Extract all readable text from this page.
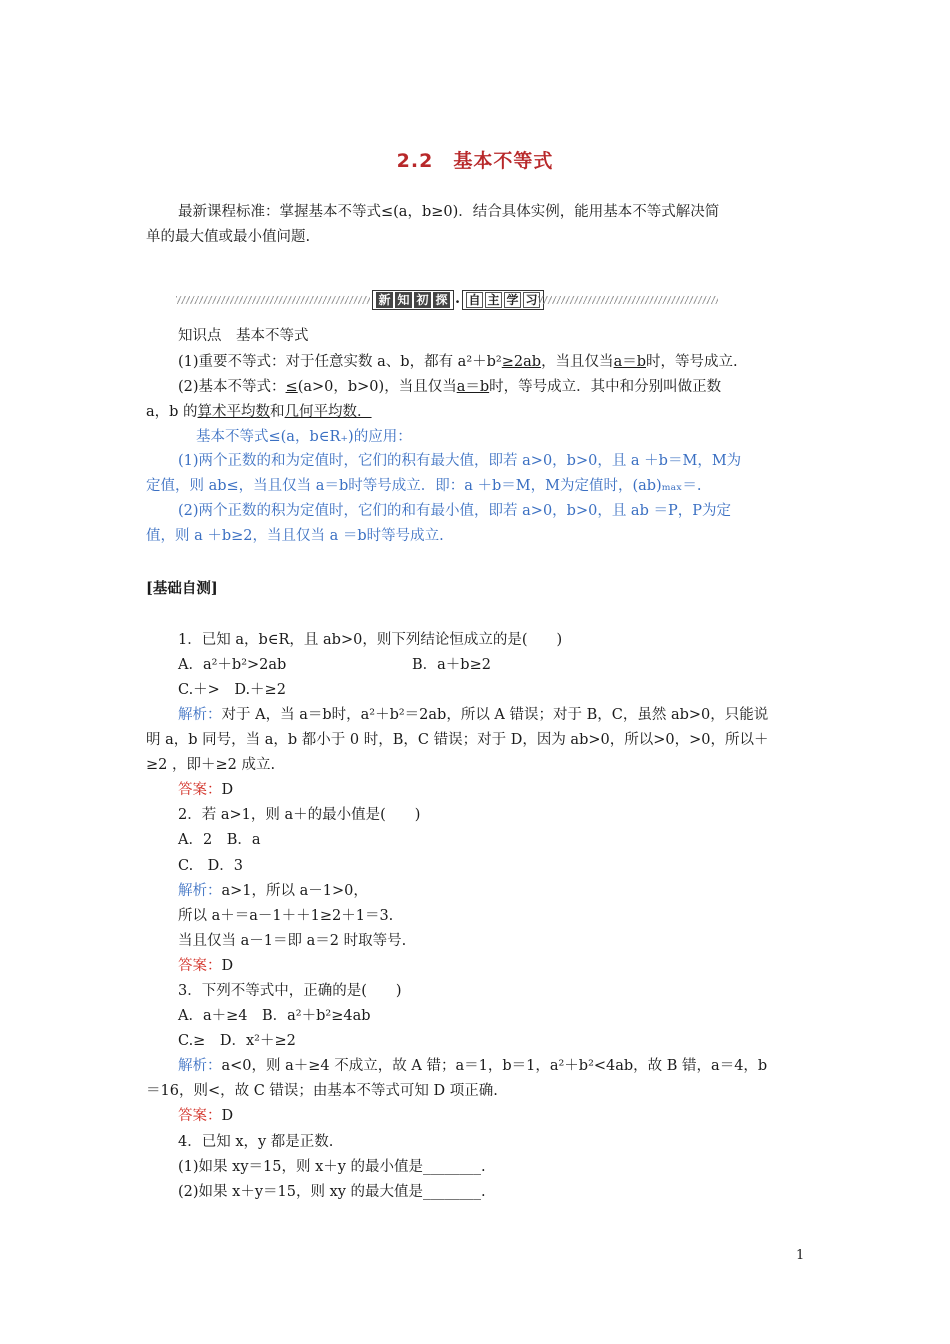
2.2　基本不等式
最新课程标准：掌握基本不等式≤(a，b≥0)．结合具体实例，能用基本不等式解决简
单的最大值或最小值问题.
新 知 初 探 · 自 主 学 习
知识点　基本不等式
(1)重要不等式：对于任意实数 a、b，都有 a²＋b²≥2ab，当且仅当a＝b时，等号成立.
(2)基本不等式：≤(a>0，b>0)，当且仅当a＝b时，等号成立．其中和分别叫做正数
a，b 的算术平均数和几何平均数．
基本不等式≤(a，b∈R₊)的应用：
(1)两个正数的和为定值时，它们的积有最大值，即若 a>0，b>0，且 a ＋b＝M，M为
定值，则 ab≤，当且仅当 a＝b时等号成立．即：a ＋b＝M，M为定值时，(ab)ₘₐₓ＝.
(2)两个正数的积为定值时，它们的和有最小值，即若 a>0，b>0，且 ab ＝P，P为定
值，则 a ＋b≥2，当且仅当 a ＝b时等号成立.
[基础自测]
1．已知 a，b∈R，且 ab>0，则下列结论恒成立的是(　　)
A．a²＋b²>2ab	B．a＋b≥2
C.＋>　D.＋≥2
解析：对于 A，当 a＝b时，a²＋b²＝2ab，所以 A 错误；对于 B，C，虽然 ab>0，只能说
明 a，b 同号，当 a，b 都小于 0 时，B，C 错误；对于 D，因为 ab>0，所以>0，>0，所以＋
≥2 ，即＋≥2 成立.
答案：D
2．若 a>1，则 a＋的最小值是(　　)
A．2　B．a
C.　D．3
解析：a>1，所以 a－1>0，
所以 a＋＝a－1＋＋1≥2＋1＝3.
当且仅当 a－1＝即 a＝2 时取等号.
答案：D
3．下列不等式中，正确的是(　　)
A．a＋≥4　B．a²＋b²≥4ab
C.≥　D．x²＋≥2
解析：a<0，则 a＋≥4 不成立，故 A 错；a＝1，b＝1，a²＋b²<4ab，故 B 错，a＝4，b
＝16，则<，故 C 错误；由基本不等式可知 D 项正确.
答案：D
4．已知 x，y 都是正数.
(1)如果 xy＝15，则 x＋y 的最小值是________.
(2)如果 x＋y＝15，则 xy 的最大值是________.
1
